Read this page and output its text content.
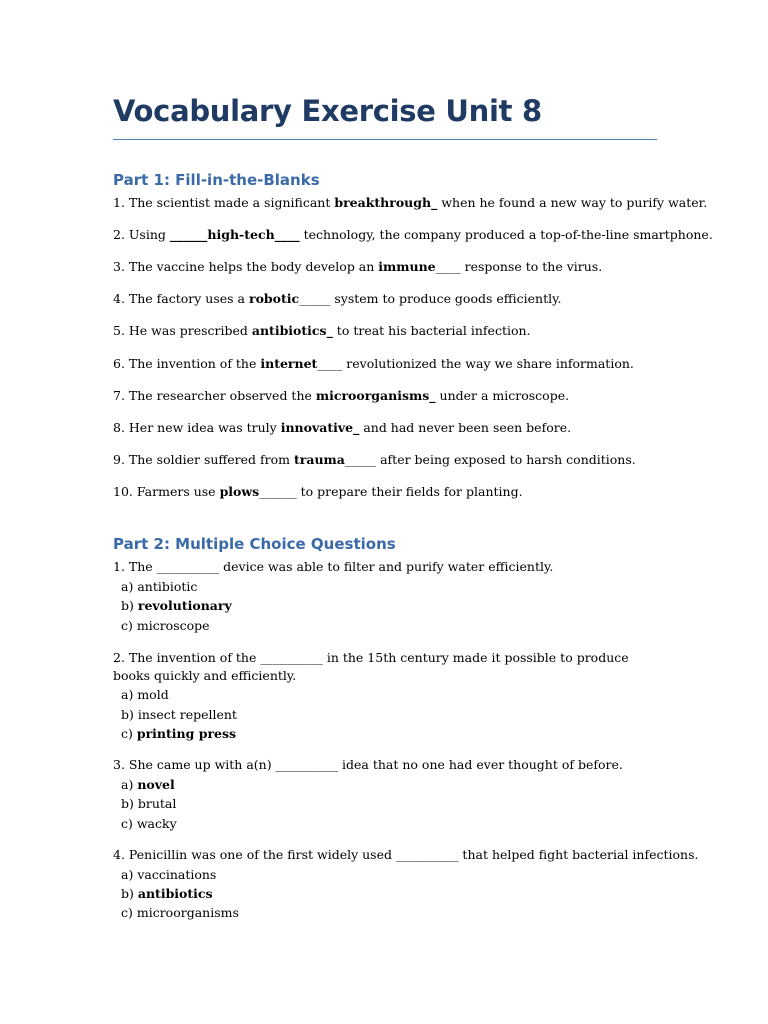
Vocabulary Exercise Unit 8
Part 1: Fill-in-the-Blanks
1. The scientist made a significant breakthrough_ when he found a new way to purify water.
2. Using ______high-tech____ technology, the company produced a top-of-the-line smartphone.
3. The vaccine helps the body develop an immune____ response to the virus.
4. The factory uses a robotic_____ system to produce goods efficiently.
5. He was prescribed antibiotics_ to treat his bacterial infection.
6. The invention of the internet____ revolutionized the way we share information.
7. The researcher observed the microorganisms_ under a microscope.
8. Her new idea was truly innovative_ and had never been seen before.
9. The soldier suffered from trauma_____ after being exposed to harsh conditions.
10. Farmers use plows______ to prepare their fields for planting.
Part 2: Multiple Choice Questions
1. The __________ device was able to filter and purify water efficiently.
a) antibiotic
b) revolutionary
c) microscope
2. The invention of the __________ in the 15th century made it possible to produce
books quickly and efficiently.
a) mold
b) insect repellent
c) printing press
3. She came up with a(n) __________ idea that no one had ever thought of before.
a) novel
b) brutal
c) wacky
4. Penicillin was one of the first widely used __________ that helped fight bacterial infections.
a) vaccinations
b) antibiotics
c) microorganisms
